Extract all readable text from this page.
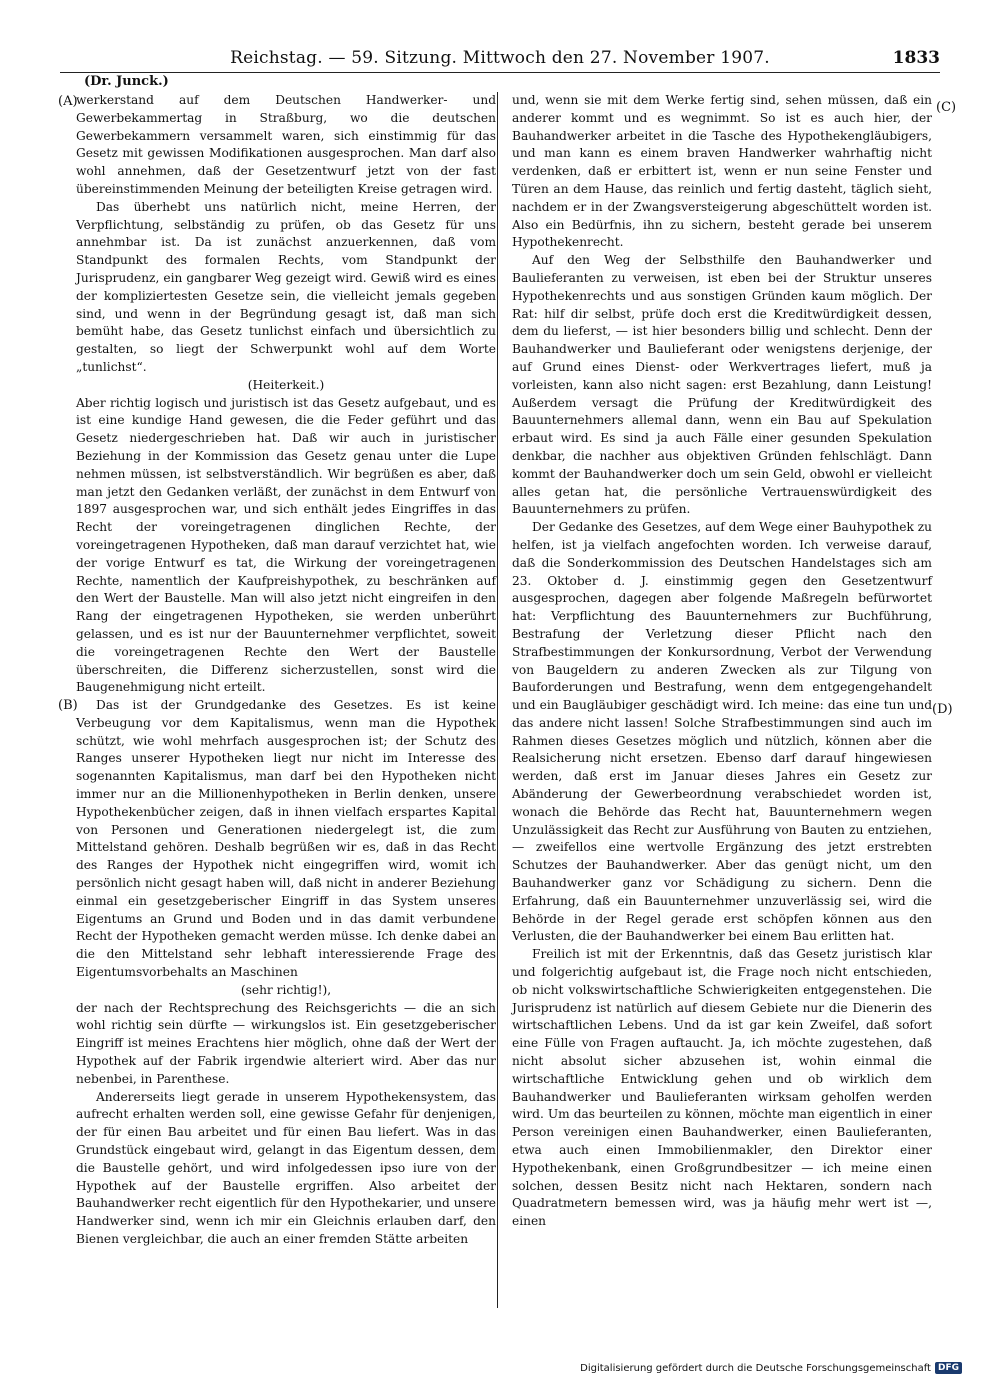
Reichstag. — 59. Sitzung. Mittwoch den 27. November 1907.	1833
(Dr. Junck.)
(A)
(B)
(C)
(D)

werkerstand auf dem Deutschen Handwerker- und Gewerbekammertag in Straßburg, wo die deutschen Gewerbekammern versammelt waren, sich einstimmig für das Gesetz mit gewissen Modifikationen ausgesprochen. Man darf also wohl annehmen, daß der Gesetzentwurf jetzt von der fast übereinstimmenden Meinung der beteiligten Kreise getragen wird.

Das überhebt uns natürlich nicht, meine Herren, der Verpflichtung, selbständig zu prüfen, ob das Gesetz für uns annehmbar ist. Da ist zunächst anzuerkennen, daß vom Standpunkt des formalen Rechts, vom Standpunkt der Jurisprudenz, ein gangbarer Weg gezeigt wird. Gewiß wird es eines der kompliziertesten Gesetze sein, die vielleicht jemals gegeben sind, und wenn in der Begründung gesagt ist, daß man sich bemüht habe, das Gesetz tunlichst einfach und übersichtlich zu gestalten, so liegt der Schwerpunkt wohl auf dem Worte „tunlichst“.

(Heiterkeit.)

Aber richtig logisch und juristisch ist das Gesetz aufgebaut, und es ist eine kundige Hand gewesen, die die Feder geführt und das Gesetz niedergeschrieben hat. Daß wir auch in juristischer Beziehung in der Kommission das Gesetz genau unter die Lupe nehmen müssen, ist selbstverständlich. Wir begrüßen es aber, daß man jetzt den Gedanken verläßt, der zunächst in dem Entwurf von 1897 ausgesprochen war, und sich enthält jedes Eingriffes in das Recht der voreingetragenen dinglichen Rechte, der voreingetragenen Hypotheken, daß man darauf verzichtet hat, wie der vorige Entwurf es tat, die Wirkung der voreingetragenen Rechte, namentlich der Kaufpreishypothek, zu beschränken auf den Wert der Baustelle. Man will also jetzt nicht eingreifen in den Rang der eingetragenen Hypotheken, sie werden unberührt gelassen, und es ist nur der Bauunternehmer verpflichtet, soweit die voreingetragenen Rechte den Wert der Baustelle überschreiten, die Differenz sicherzustellen, sonst wird die Baugenehmigung nicht erteilt.

Das ist der Grundgedanke des Gesetzes. Es ist keine Verbeugung vor dem Kapitalismus, wenn man die Hypothek schützt, wie wohl mehrfach ausgesprochen ist; der Schutz des Ranges unserer Hypotheken liegt nur nicht im Interesse des sogenannten Kapitalismus, man darf bei den Hypotheken nicht immer nur an die Millionenhypotheken in Berlin denken, unsere Hypothekenbücher zeigen, daß in ihnen vielfach erspartes Kapital von Personen und Generationen niedergelegt ist, die zum Mittelstand gehören. Deshalb begrüßen wir es, daß in das Recht des Ranges der Hypothek nicht eingegriffen wird, womit ich persönlich nicht gesagt haben will, daß nicht in anderer Beziehung einmal ein gesetzgeberischer Eingriff in das System unseres Eigentums an Grund und Boden und in das damit verbundene Recht der Hypotheken gemacht werden müsse. Ich denke dabei an die den Mittelstand sehr lebhaft interessierende Frage des Eigentumsvorbehalts an Maschinen

(sehr richtig!),

der nach der Rechtsprechung des Reichsgerichts — die an sich wohl richtig sein dürfte — wirkungslos ist. Ein gesetzgeberischer Eingriff ist meines Erachtens hier möglich, ohne daß der Wert der Hypothek auf der Fabrik irgendwie alteriert wird. Aber das nur nebenbei, in Parenthese.

Andererseits liegt gerade in unserem Hypothekensystem, das aufrecht erhalten werden soll, eine gewisse Gefahr für denjenigen, der für einen Bau arbeitet und für einen Bau liefert. Was in das Grundstück eingebaut wird, gelangt in das Eigentum dessen, dem die Baustelle gehört, und wird infolgedessen ipso iure von der Hypothek auf der Baustelle ergriffen. Also arbeitet der Bauhandwerker recht eigentlich für den Hypothekarier, und unsere Handwerker sind, wenn ich mir ein Gleichnis erlauben darf, den Bienen vergleichbar, die auch an einer fremden Stätte arbeiten

und, wenn sie mit dem Werke fertig sind, sehen müssen, daß ein anderer kommt und es wegnimmt. So ist es auch hier, der Bauhandwerker arbeitet in die Tasche des Hypothekengläubigers, und man kann es einem braven Handwerker wahrhaftig nicht verdenken, daß er erbittert ist, wenn er nun seine Fenster und Türen an dem Hause, das reinlich und fertig dasteht, täglich sieht, nachdem er in der Zwangsversteigerung abgeschüttelt worden ist. Also ein Bedürfnis, ihn zu sichern, besteht gerade bei unserem Hypothekenrecht.

Auf den Weg der Selbsthilfe den Bauhandwerker und Baulieferanten zu verweisen, ist eben bei der Struktur unseres Hypothekenrechts und aus sonstigen Gründen kaum möglich. Der Rat: hilf dir selbst, prüfe doch erst die Kreditwürdigkeit dessen, dem du lieferst, — ist hier besonders billig und schlecht. Denn der Bauhandwerker und Baulieferant oder wenigstens derjenige, der auf Grund eines Dienst- oder Werkvertrages liefert, muß ja vorleisten, kann also nicht sagen: erst Bezahlung, dann Leistung! Außerdem versagt die Prüfung der Kreditwürdigkeit des Bauunternehmers allemal dann, wenn ein Bau auf Spekulation erbaut wird. Es sind ja auch Fälle einer gesunden Spekulation denkbar, die nachher aus objektiven Gründen fehlschlägt. Dann kommt der Bauhandwerker doch um sein Geld, obwohl er vielleicht alles getan hat, die persönliche Vertrauenswürdigkeit des Bauunternehmers zu prüfen.

Der Gedanke des Gesetzes, auf dem Wege einer Bauhypothek zu helfen, ist ja vielfach angefochten worden. Ich verweise darauf, daß die Sonderkommission des Deutschen Handelstages sich am 23. Oktober d. J. einstimmig gegen den Gesetzentwurf ausgesprochen, dagegen aber folgende Maßregeln befürwortet hat: Verpflichtung des Bauunternehmers zur Buchführung, Bestrafung der Verletzung dieser Pflicht nach den Strafbestimmungen der Konkursordnung, Verbot der Verwendung von Baugeldern zu anderen Zwecken als zur Tilgung von Bauforderungen und Bestrafung, wenn dem entgegengehandelt und ein Baugläubiger geschädigt wird. Ich meine: das eine tun und das andere nicht lassen! Solche Strafbestimmungen sind auch im Rahmen dieses Gesetzes möglich und nützlich, können aber die Realsicherung nicht ersetzen. Ebenso darf darauf hingewiesen werden, daß erst im Januar dieses Jahres ein Gesetz zur Abänderung der Gewerbeordnung verabschiedet worden ist, wonach die Behörde das Recht hat, Bauunternehmern wegen Unzulässigkeit das Recht zur Ausführung von Bauten zu entziehen, — zweifellos eine wertvolle Ergänzung des jetzt erstrebten Schutzes der Bauhandwerker. Aber das genügt nicht, um den Bauhandwerker ganz vor Schädigung zu sichern. Denn die Erfahrung, daß ein Bauunternehmer unzuverlässig sei, wird die Behörde in der Regel gerade erst schöpfen können aus den Verlusten, die der Bauhandwerker bei einem Bau erlitten hat.

Freilich ist mit der Erkenntnis, daß das Gesetz juristisch klar und folgerichtig aufgebaut ist, die Frage noch nicht entschieden, ob nicht volkswirtschaftliche Schwierigkeiten entgegenstehen. Die Jurisprudenz ist natürlich auf diesem Gebiete nur die Dienerin des wirtschaftlichen Lebens. Und da ist gar kein Zweifel, daß sofort eine Fülle von Fragen auftaucht. Ja, ich möchte zugestehen, daß nicht absolut sicher abzusehen ist, wohin einmal die wirtschaftliche Entwicklung gehen und ob wirklich dem Bauhandwerker und Baulieferanten wirksam geholfen werden wird. Um das beurteilen zu können, möchte man eigentlich in einer Person vereinigen einen Bauhandwerker, einen Baulieferanten, etwa auch einen Immobilienmakler, den Direktor einer Hypothekenbank, einen Großgrundbesitzer — ich meine einen solchen, dessen Besitz nicht nach Hektaren, sondern nach Quadratmetern bemessen wird, was ja häufig mehr wert ist —, einen

Digitalisierung gefördert durch die Deutsche Forschungsgemeinschaft DFG
